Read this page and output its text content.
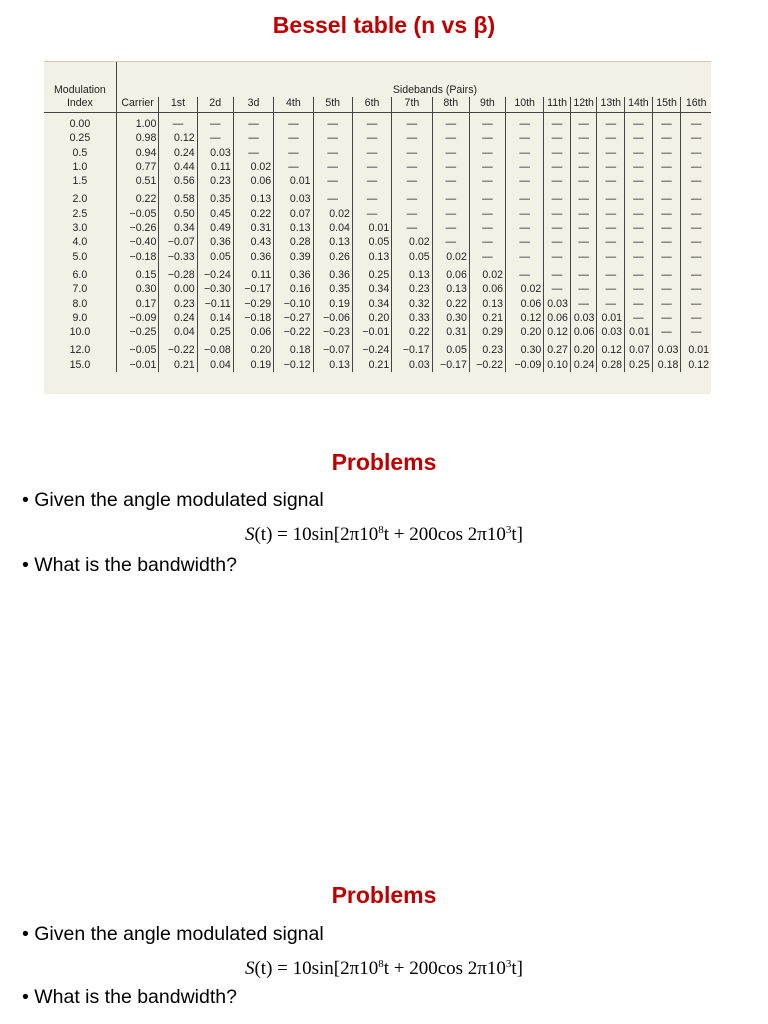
Bessel table (n vs β)
Modulation		Sidebands (Pairs)															
Index	Carrier	1st	2d	3d	4th	5th	6th	7th	8th	9th	10th	11th	12th	13th	14th	15th	16th

0.00	1.00	—	—	—	—	—	—	—	—	—	—	—	—	—	—	—	—
0.25	0.98	0.12	—	—	—	—	—	—	—	—	—	—	—	—	—	—	—
0.5	0.94	0.24	0.03	—	—	—	—	—	—	—	—	—	—	—	—	—	—
1.0	0.77	0.44	0.11	0.02	—	—	—	—	—	—	—	—	—	—	—	—	—
1.5	0.51	0.56	0.23	0.06	0.01	—	—	—	—	—	—	—	—	—	—	—	—

2.0	0.22	0.58	0.35	0.13	0.03	—	—	—	—	—	—	—	—	—	—	—	—
2.5	−0.05	0.50	0.45	0.22	0.07	0.02	—	—	—	—	—	—	—	—	—	—	—
3.0	−0.26	0.34	0.49	0.31	0.13	0.04	0.01	—	—	—	—	—	—	—	—	—	—
4.0	−0.40	−0.07	0.36	0.43	0.28	0.13	0.05	0.02	—	—	—	—	—	—	—	—	—
5.0	−0.18	−0.33	0.05	0.36	0.39	0.26	0.13	0.05	0.02	—	—	—	—	—	—	—	—

6.0	0.15	−0.28	−0.24	0.11	0.36	0.36	0.25	0.13	0.06	0.02	—	—	—	—	—	—	—
7.0	0.30	0.00	−0.30	−0.17	0.16	0.35	0.34	0.23	0.13	0.06	0.02	—	—	—	—	—	—
8.0	0.17	0.23	−0.11	−0.29	−0.10	0.19	0.34	0.32	0.22	0.13	0.06	0.03	—	—	—	—	—
9.0	−0.09	0.24	0.14	−0.18	−0.27	−0.06	0.20	0.33	0.30	0.21	0.12	0.06	0.03	0.01	—	—	—
10.0	−0.25	0.04	0.25	0.06	−0.22	−0.23	−0.01	0.22	0.31	0.29	0.20	0.12	0.06	0.03	0.01	—	—

12.0	−0.05	−0.22	−0.08	0.20	0.18	−0.07	−0.24	−0.17	0.05	0.23	0.30	0.27	0.20	0.12	0.07	0.03	0.01
15.0	−0.01	0.21	0.04	0.19	−0.12	0.13	0.21	0.03	−0.17	−0.22	−0.09	0.10	0.24	0.28	0.25	0.18	0.12
Problems
• Given the angle modulated signal
$S(t) = 10\sin[2\pi 10^8t + 200\cos$ $2\pi 10^3t$]
• What is the bandwidth?
Problems
• Given the angle modulated signal
$S(t) = 10\sin[2\pi 10^8t + 200\cos$ $2\pi 10^3t$]
• What is the bandwidth?
